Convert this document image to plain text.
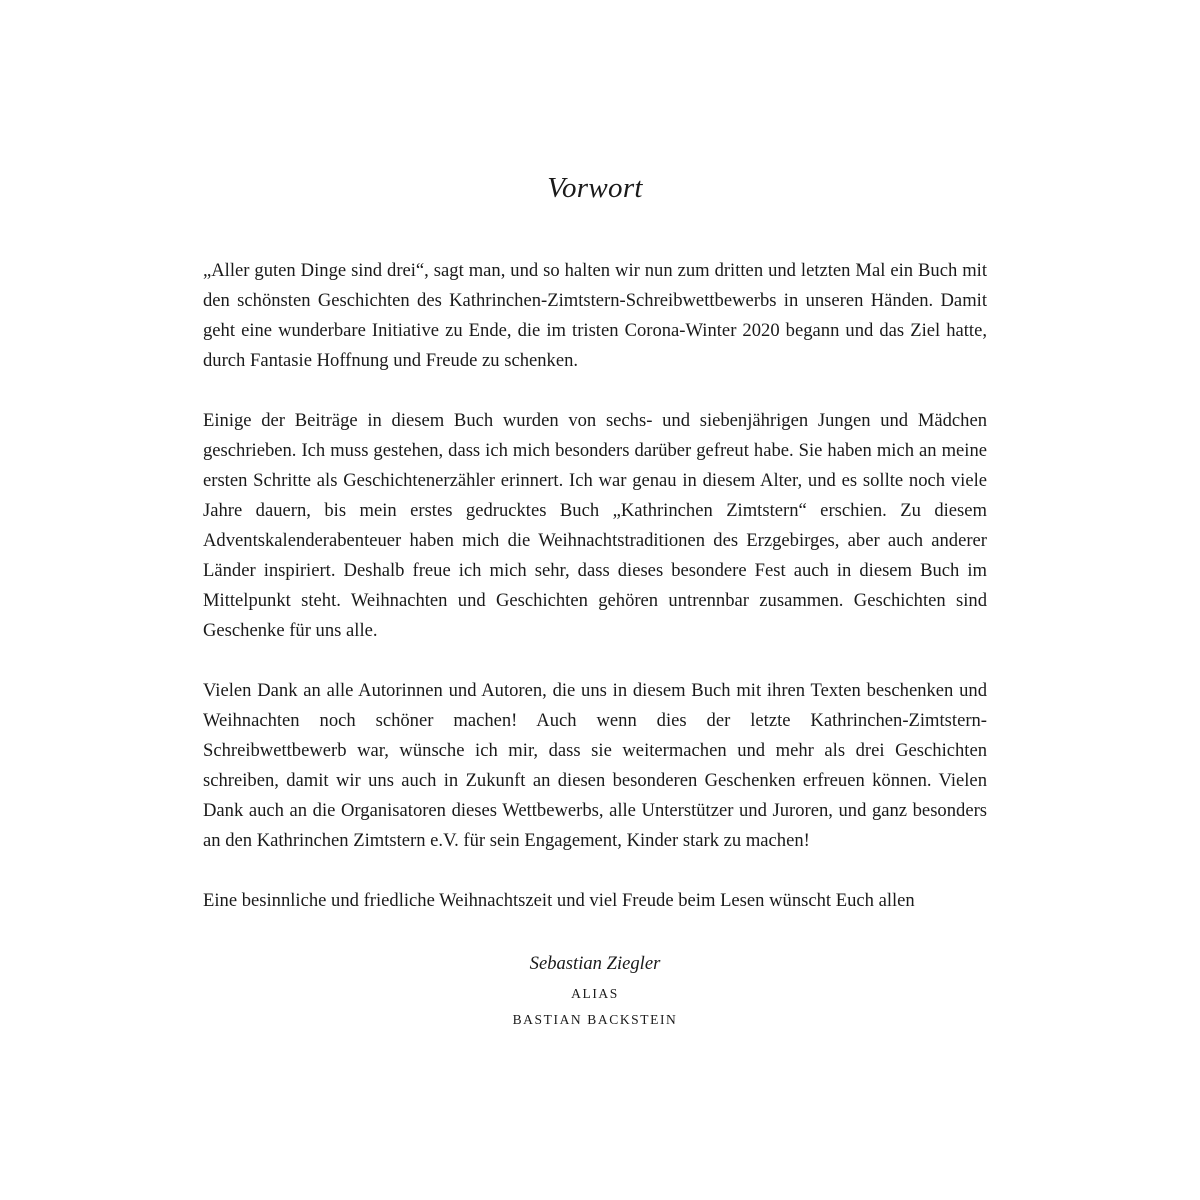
Vorwort

„Aller guten Dinge sind drei“, sagt man, und so halten wir nun zum dritten und letzten Mal ein Buch mit den schönsten Geschichten des Kathrinchen-Zimtstern-Schreibwettbewerbs in unseren Händen. Damit geht eine wunderbare Initiative zu Ende, die im tristen Corona-Winter 2020 begann und das Ziel hatte, durch Fantasie Hoffnung und Freude zu schenken.

Einige der Beiträge in diesem Buch wurden von sechs- und siebenjährigen Jungen und Mädchen geschrieben. Ich muss gestehen, dass ich mich besonders darüber gefreut habe. Sie haben mich an meine ersten Schritte als Geschichtenerzähler erinnert. Ich war genau in diesem Alter, und es sollte noch viele Jahre dauern, bis mein erstes gedrucktes Buch „Kathrinchen Zimtstern“ erschien. Zu diesem Adventskalenderabenteuer haben mich die Weihnachtstraditionen des Erzgebirges, aber auch anderer Länder inspiriert. Deshalb freue ich mich sehr, dass dieses besondere Fest auch in diesem Buch im Mittelpunkt steht. Weihnachten und Geschichten gehören untrennbar zusammen. Geschichten sind Geschenke für uns alle.

Vielen Dank an alle Autorinnen und Autoren, die uns in diesem Buch mit ihren Texten beschenken und Weihnachten noch schöner machen! Auch wenn dies der letzte Kathrinchen-Zimtstern-Schreibwettbewerb war, wünsche ich mir, dass sie weitermachen und mehr als drei Geschichten schreiben, damit wir uns auch in Zukunft an diesen besonderen Geschenken erfreuen können. Vielen Dank auch an die Organisatoren dieses Wettbewerbs, alle Unterstützer und Juroren, und ganz besonders an den Kathrinchen Zimtstern e.V. für sein Engagement, Kinder stark zu machen!

Eine besinnliche und friedliche Weihnachtszeit und viel Freude beim Lesen wünscht Euch allen

Sebastian Ziegler

ALIAS

BASTIAN BACKSTEIN
